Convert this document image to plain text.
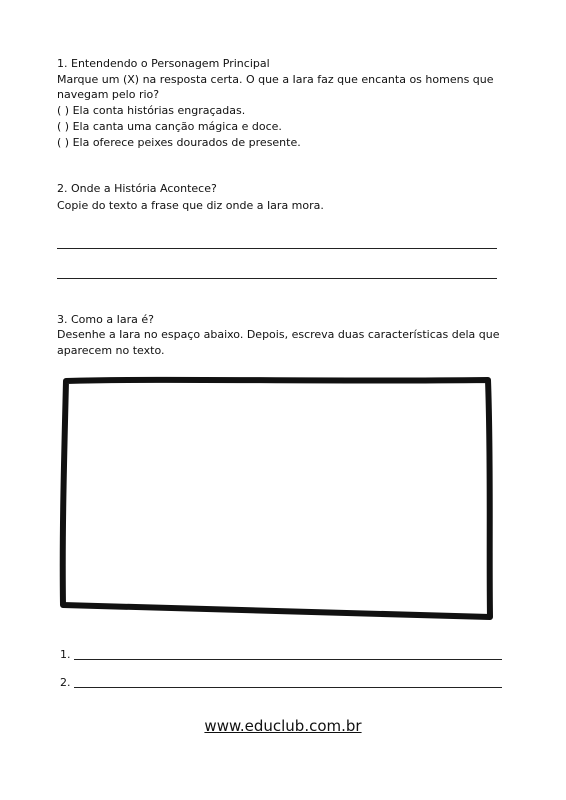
1. Entendendo o Personagem Principal

Marque um (X) na resposta certa. O que a Iara faz que encanta os homens que

navegam pelo rio?

( ) Ela conta histórias engraçadas.

( ) Ela canta uma canção mágica e doce.

( ) Ela oferece peixes dourados de presente.

2. Onde a História Acontece?

Copie do texto a frase que diz onde a Iara mora.

3. Como a Iara é?

Desenhe a Iara no espaço abaixo. Depois, escreva duas características dela que

aparecem no texto.

1.
2.
www.educlub.com.br
